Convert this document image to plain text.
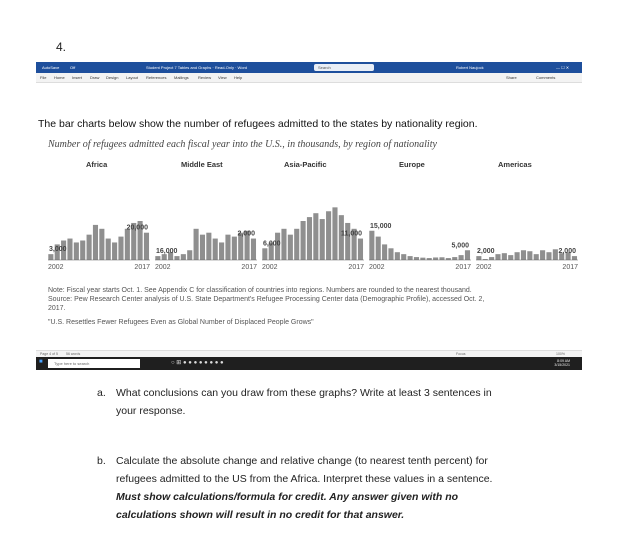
4.
AutoSave	Off	Student Project 7 Tables and Graphs · Read-Only · Word	Search	Robert Naujock	— ☐ ✕
File Home Insert Draw Design Layout References Mailings Review View Help	Share	Comments
The bar charts below show the number of refugees admitted to the states by nationality region.
Number of refugees admitted each fiscal year into the U.S., in thousands, by region of nationality
Africa	Middle East	Asia-Pacific	Europe	Americas
3,000
20,000
2002	2017
16,000
2,000
2002	2017
6,000
11,000
2002	2017
15,000
5,000
2002	2017
2,000	2,000
2002	2017
Note: Fiscal year starts Oct. 1. See Appendix C for classification of countries into regions. Numbers are rounded to the nearest thousand.
Source: Pew Research Center analysis of U.S. State Department's Refugee Processing Center data (Demographic Profile), accessed Oct. 2,
2017.
"U.S. Resettles Fewer Refugees Even as Global Number of Displaced People Grows"
Page 4 of 5 56 words	Focus	100%
■	Type here to search	○ ⊞ ● ● ● ● ● ● ● ●	8:09 AM
3/15/2021
a. What conclusions can you draw from these graphs? Write at least 3 sentences in
your response.
b. Calculate the absolute change and relative change (to nearest tenth percent) for
refugees admitted to the US from the Africa. Interpret these values in a sentence.
Must show calculations/formula for credit. Any answer given with no
calculations shown will result in no credit for that answer.
